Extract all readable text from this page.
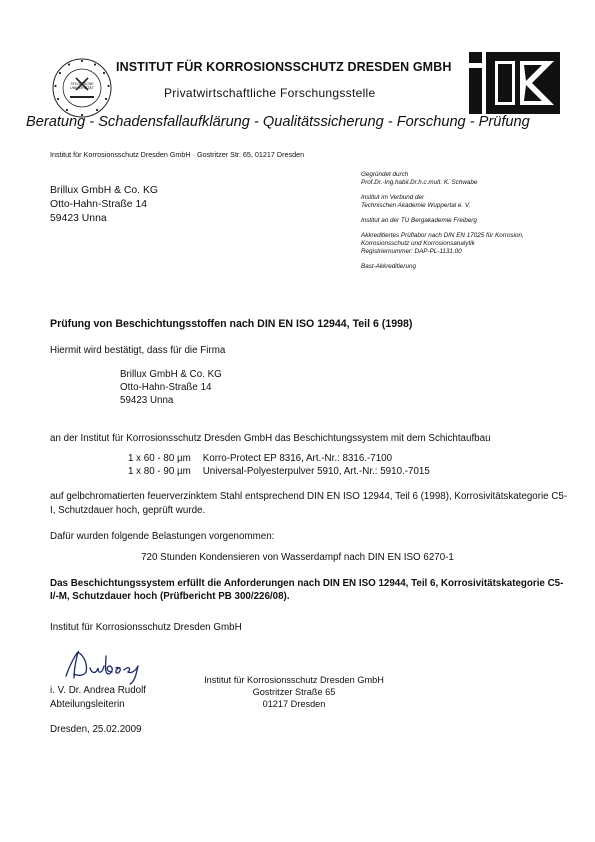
TECHNISCHE UNIVERSITÄT
INSTITUT FÜR KORROSIONSSCHUTZ DRESDEN GMBH
Privatwirtschaftliche Forschungsstelle
Beratung - Schadensfallaufklärung - Qualitätssicherung - Forschung - Prüfung
Institut für Korrosionsschutz Dresden GmbH · Gostritzer Str. 65, 01217 Dresden
Brillux GmbH & Co. KG
Otto-Hahn-Straße 14
59423 Unna

Gegründet durch
Prof.Dr.-Ing.habil.Dr.h.c.mult. K. Schwabe

Institut im Verbund der
Technischen Akademie Wuppertal e. V.

Institut an der TU Bergakademie Freiberg

Akkreditiertes Prüflabor nach DIN EN 17025 für Korrosion, Korrosionsschutz und Korrosionsanalytik
Registriernummer: DAP-PL-1131.00

Bast-Akkreditierung

Prüfung von Beschichtungsstoffen nach DIN EN ISO 12944, Teil 6 (1998)
Hiermit wird bestätigt, dass für die Firma
Brillux GmbH & Co. KG
Otto-Hahn-Straße 14
59423 Unna
an der Institut für Korrosionsschutz Dresden GmbH das Beschichtungssystem mit dem Schichtaufbau
1 x 60 - 80 µm Korro-Protect EP 8316, Art.-Nr.: 8316.-7100
1 x 80 - 90 µm Universal-Polyesterpulver 5910, Art.-Nr.: 5910.-7015
auf gelbchromatierten feuerverzinktem Stahl entsprechend DIN EN ISO 12944, Teil 6 (1998), Korrosivitätskategorie C5-I, Schutzdauer hoch, geprüft wurde.
Dafür wurden folgende Belastungen vorgenommen:
720 Stunden Kondensieren von Wasserdampf nach DIN EN ISO 6270-1
Das Beschichtungssystem erfüllt die Anforderungen nach DIN EN ISO 12944, Teil 6, Korrosivitätskategorie C5-I/-M, Schutzdauer hoch (Prüfbericht PB 300/226/08).
Institut für Korrosionsschutz Dresden GmbH
i. V. Dr. Andrea Rudolf
Abteilungsleiterin
Institut für Korrosionsschutz Dresden GmbH
Gostritzer Straße 65
01217 Dresden
Dresden, 25.02.2009
